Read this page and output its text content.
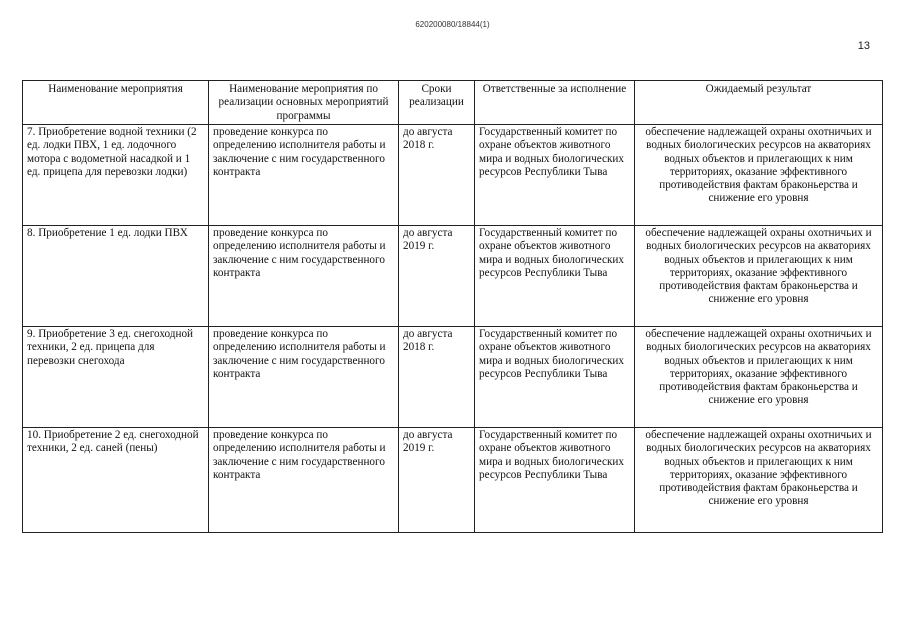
620200080/18844(1)
13
Наименование мероприятия	Наименование мероприятия по реализации основных мероприятий программы	Сроки реализации	Ответственные за исполнение	Ожидаемый результат
7. Приобретение водной техники (2 ед. лодки ПВХ, 1 ед. лодочного мотора с водометной насадкой и 1 ед. прицепа для перевозки лодки)	проведение конкурса по определению исполнителя работы и заключение с ним государственного контракта	до августа 2018 г.	Государственный комитет по охране объектов животного мира и водных биологических ресурсов Республики Тыва	обеспечение надлежащей охраны охотничьих и водных биологических ресурсов на акваториях водных объектов и прилегающих к ним территориях, оказание эффективного противодействия фактам браконьерства и снижение его уровня
8. Приобретение 1 ед. лодки ПВХ	проведение конкурса по определению исполнителя работы и заключение с ним государственного контракта	до августа 2019 г.	Государственный комитет по охране объектов животного мира и водных биологических ресурсов Республики Тыва	обеспечение надлежащей охраны охотничьих и водных биологических ресурсов на акваториях водных объектов и прилегающих к ним территориях, оказание эффективного противодействия фактам браконьерства и снижение его уровня
9. Приобретение 3 ед. снегоходной техники, 2 ед. прицепа для перевозки снегохода	проведение конкурса по определению исполнителя работы и заключение с ним государственного контракта	до августа 2018 г.	Государственный комитет по охране объектов животного мира и водных биологических ресурсов Республики Тыва	обеспечение надлежащей охраны охотничьих и водных биологических ресурсов на акваториях водных объектов и прилегающих к ним территориях, оказание эффективного противодействия фактам браконьерства и снижение его уровня
10. Приобретение 2 ед. снегоходной техники, 2 ед. саней (пены)	проведение конкурса по определению исполнителя работы и заключение с ним государственного контракта	до августа 2019 г.	Государственный комитет по охране объектов животного мира и водных биологических ресурсов Республики Тыва	обеспечение надлежащей охраны охотничьих и водных биологических ресурсов на акваториях водных объектов и прилегающих к ним территориях, оказание эффективного противодействия фактам браконьерства и снижение его уровня
